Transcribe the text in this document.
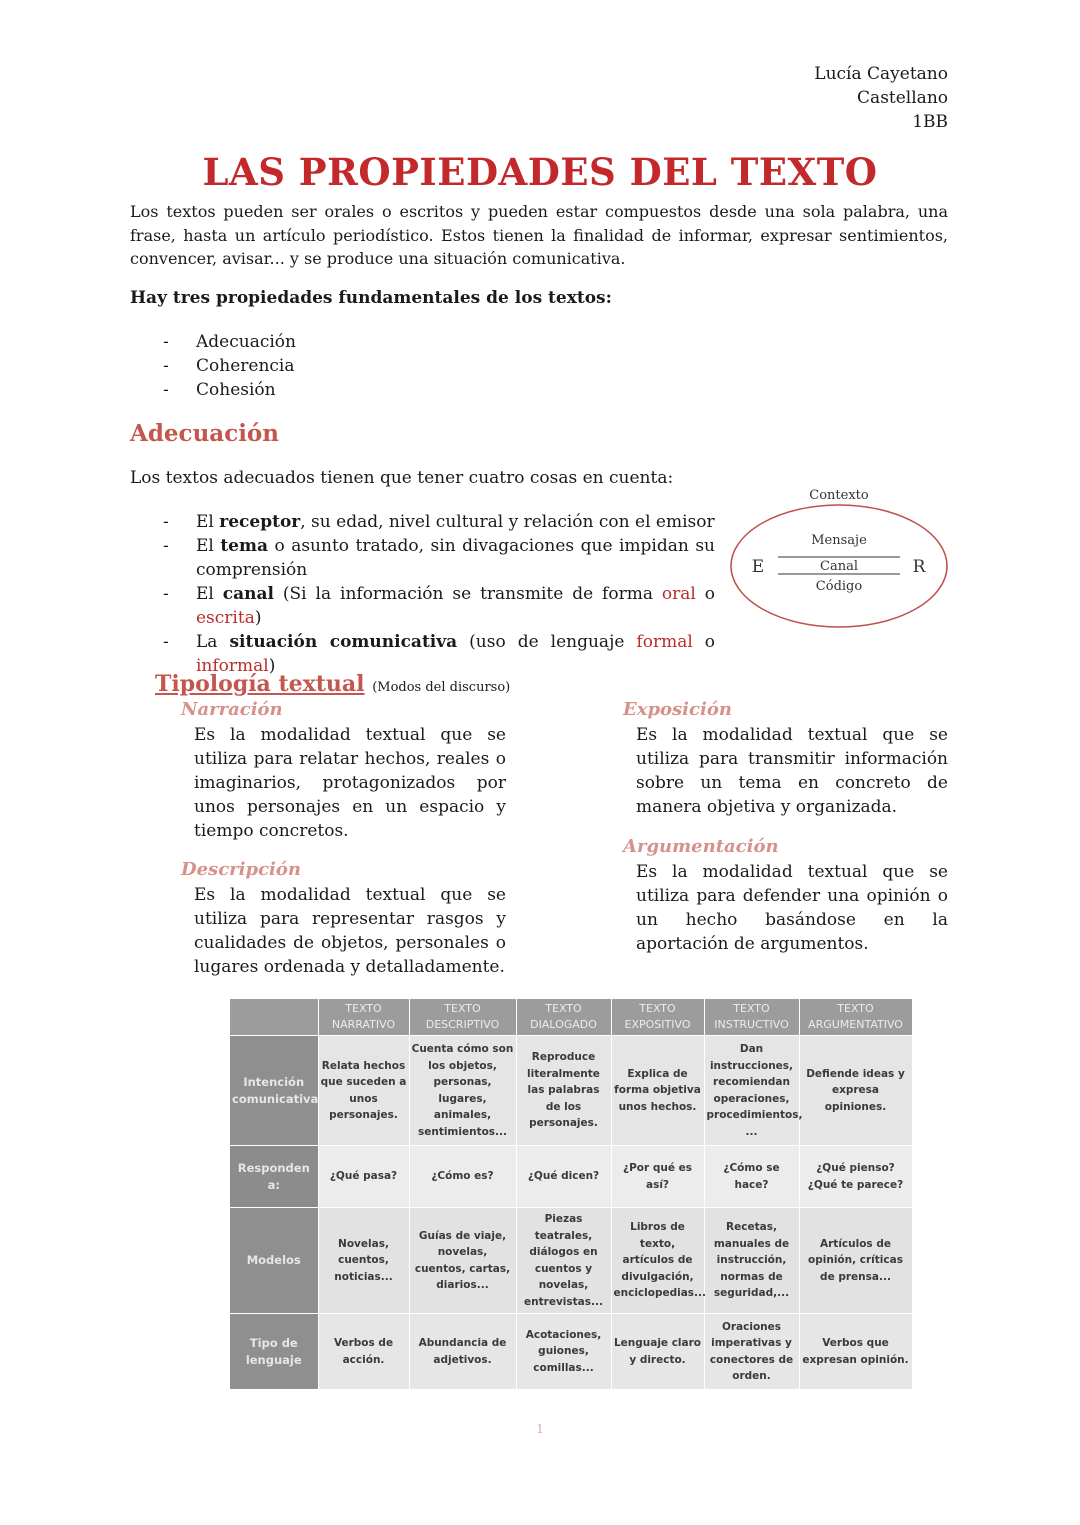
Lucía Cayetano
Castellano
1BB
LAS PROPIEDADES DEL TEXTO
Los textos pueden ser orales o escritos y pueden estar compuestos desde una sola palabra, una frase, hasta un artículo periodístico. Estos tienen la finalidad de informar, expresar sentimientos, convencer, avisar... y se produce una situación comunicativa.
Hay tres propiedades fundamentales de los textos:
- Adecuación
- Coherencia
- Cohesión
Adecuación
Los textos adecuados tienen que tener cuatro cosas en cuenta:
- El receptor, su edad, nivel cultural y relación con el emisor
- El tema o asunto tratado, sin divagaciones que impidan su comprensión
- El canal (Si la información se transmite de forma oral o escrita)
- La situación comunicativa (uso de lenguaje formal o informal)
Contexto
Mensaje
Canal
Código
E	R
Tipología textual (Modos del discurso)
Narración
Es la modalidad textual que se utiliza para relatar hechos, reales o imaginarios, protagonizados por unos personajes en un espacio y tiempo concretos.
Descripción
Es la modalidad textual que se utiliza para representar rasgos y cualidades de objetos, personales o lugares ordenada y detalladamente.
Exposición
Es la modalidad textual que se utiliza para transmitir información sobre un tema en concreto de manera objetiva y organizada.
Argumentación
Es la modalidad textual que se utiliza para defender una opinión o un hecho basándose en la aportación de argumentos.
	TEXTO NARRATIVO	TEXTO DESCRIPTIVO	TEXTO DIALOGADO	TEXTO EXPOSITIVO	TEXTO INSTRUCTIVO	TEXTO ARGUMENTATIVO
Intención comunicativa	Relata hechos que suceden a unos personajes.	Cuenta cómo son los objetos, personas, lugares, animales, sentimientos...	Reproduce literalmente las palabras de los personajes.	Explica de forma objetiva unos hechos.	Dan instrucciones, recomiendan operaciones, procedimientos, ...	Defiende ideas y expresa opiniones.
Responden a:	¿Qué pasa?	¿Cómo es?	¿Qué dicen?	¿Por qué es así?	¿Cómo se hace?	¿Qué pienso? ¿Qué te parece?
Modelos	Novelas, cuentos, noticias...	Guías de viaje, novelas, cuentos, cartas, diarios...	Piezas teatrales, diálogos en cuentos y novelas, entrevistas...	Libros de texto, artículos de divulgación, enciclopedias...	Recetas, manuales de instrucción, normas de seguridad,...	Artículos de opinión, críticas de prensa...
Tipo de lenguaje	Verbos de acción.	Abundancia de adjetivos.	Acotaciones, guiones, comillas...	Lenguaje claro y directo.	Oraciones imperativas y conectores de orden.	Verbos que expresan opinión.
1
